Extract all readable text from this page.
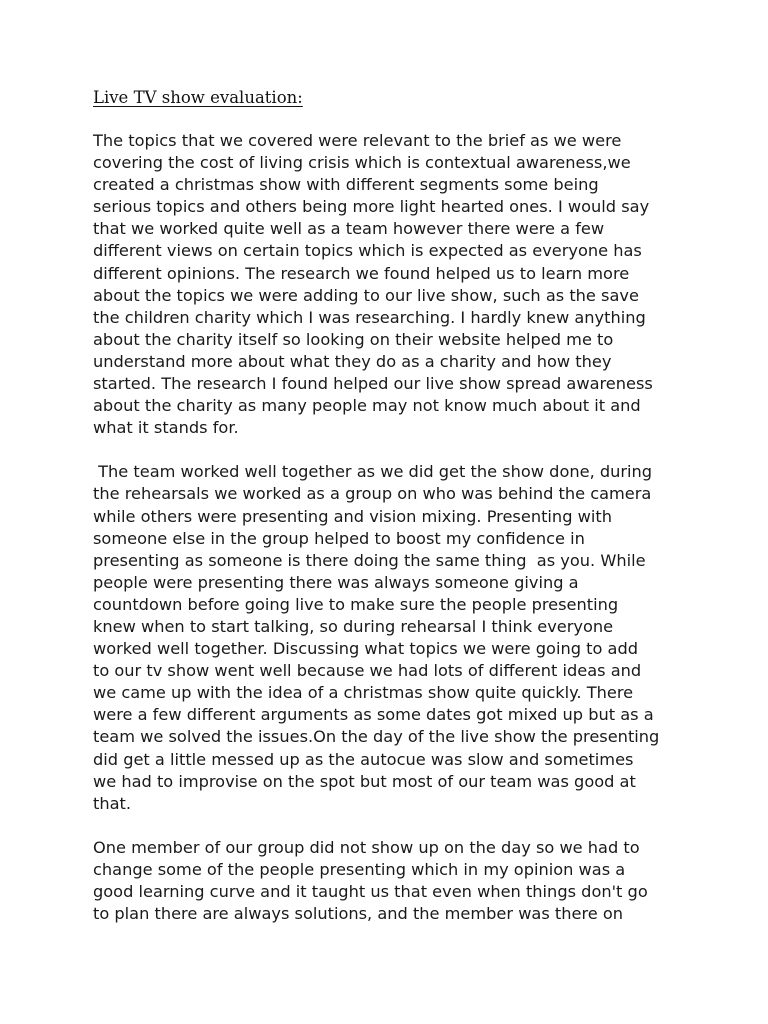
Live TV show evaluation:

The topics that we covered were relevant to the brief as we were
covering the cost of living crisis which is contextual awareness,we
created a christmas show with different segments some being
serious topics and others being more light hearted ones. I would say
that we worked quite well as a team however there were a few
different views on certain topics which is expected as everyone has
different opinions. The research we found helped us to learn more
about the topics we were adding to our live show, such as the save
the children charity which I was researching. I hardly knew anything
about the charity itself so looking on their website helped me to
understand more about what they do as a charity and how they
started. The research I found helped our live show spread awareness
about the charity as many people may not know much about it and
what it stands for.

The team worked well together as we did get the show done, during
the rehearsals we worked as a group on who was behind the camera
while others were presenting and vision mixing. Presenting with
someone else in the group helped to boost my confidence in
presenting as someone is there doing the same thing  as you. While
people were presenting there was always someone giving a
countdown before going live to make sure the people presenting
knew when to start talking, so during rehearsal I think everyone
worked well together. Discussing what topics we were going to add
to our tv show went well because we had lots of different ideas and
we came up with the idea of a christmas show quite quickly. There
were a few different arguments as some dates got mixed up but as a
team we solved the issues.On the day of the live show the presenting
did get a little messed up as the autocue was slow and sometimes
we had to improvise on the spot but most of our team was good at
that.

One member of our group did not show up on the day so we had to
change some of the people presenting which in my opinion was a
good learning curve and it taught us that even when things don't go
to plan there are always solutions, and the member was there on
